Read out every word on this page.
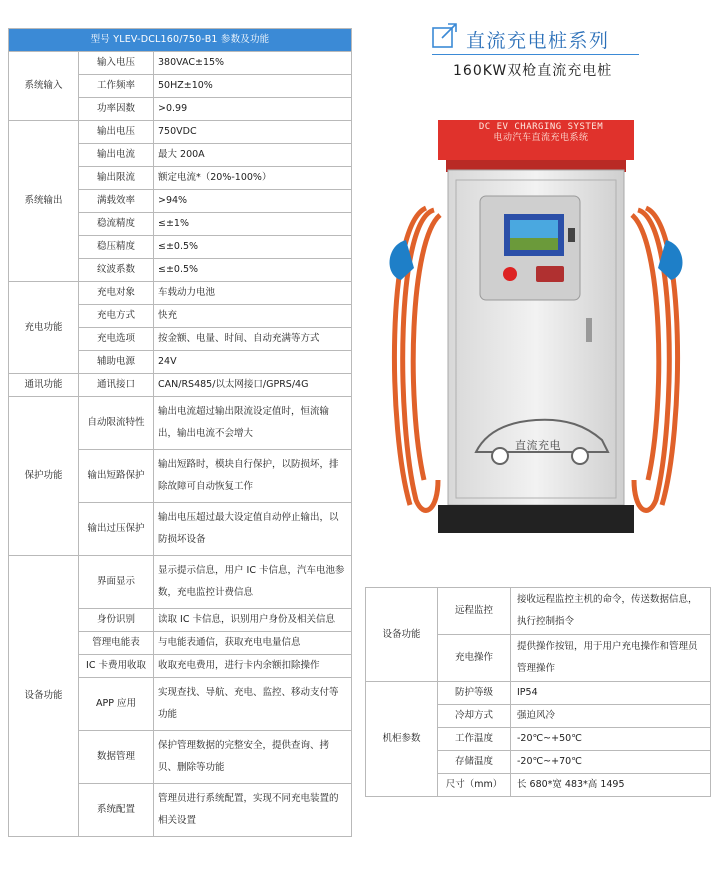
型号 YLEV-DCL160/750-B1 参数及功能		
系统输入	输入电压	380VAC±15%
	工作频率	50HZ±10%
	功率因数	>0.99
系统输出	输出电压	750VDC
	输出电流	最大 200A
	输出限流	额定电流*（20%-100%）
	满载效率	>94%
	稳流精度	≤±1%
	稳压精度	≤±0.5%
	纹波系数	≤±0.5%
充电功能	充电对象	车载动力电池
	充电方式	快充
	充电选项	按金额、电量、时间、自动充满等方式
	辅助电源	24V
通讯功能	通讯接口	CAN/RS485/以太网接口/GPRS/4G
保护功能	自动限流特性	输出电流超过输出限流设定值时，恒流输出，输出电流不会增大
	输出短路保护	输出短路时，模块自行保护，以防损坏，排除故障可自动恢复工作
	输出过压保护	输出电压超过最大设定值自动停止输出，以防损坏设备
设备功能	界面显示	显示提示信息，用户 IC 卡信息，汽车电池参数，充电监控计费信息
	身份识别	读取 IC 卡信息，识别用户身份及相关信息
	管理电能表	与电能表通信，获取充电电量信息
	IC 卡费用收取	收取充电费用，进行卡内余额扣除操作
	APP 应用	实现查找、导航、充电、监控、移动支付等功能
	数据管理	保护管理数据的完整安全，提供查询、拷贝、删除等功能
	系统配置	管理员进行系统配置，实现不同充电装置的相关设置
直流充电桩系列
160KW双枪直流充电桩
DC EV CHARGING SYSTEM
电动汽车直流充电系统
直流充电
设备功能	远程监控	接收远程监控主机的命令，传送数据信息，执行控制指令
	充电操作	提供操作按钮，用于用户充电操作和管理员管理操作
机柜参数	防护等级	IP54
	冷却方式	强迫风冷
	工作温度	-20℃~+50℃
	存储温度	-20℃~+70℃
	尺寸（mm）	长 680*宽 483*高 1495
